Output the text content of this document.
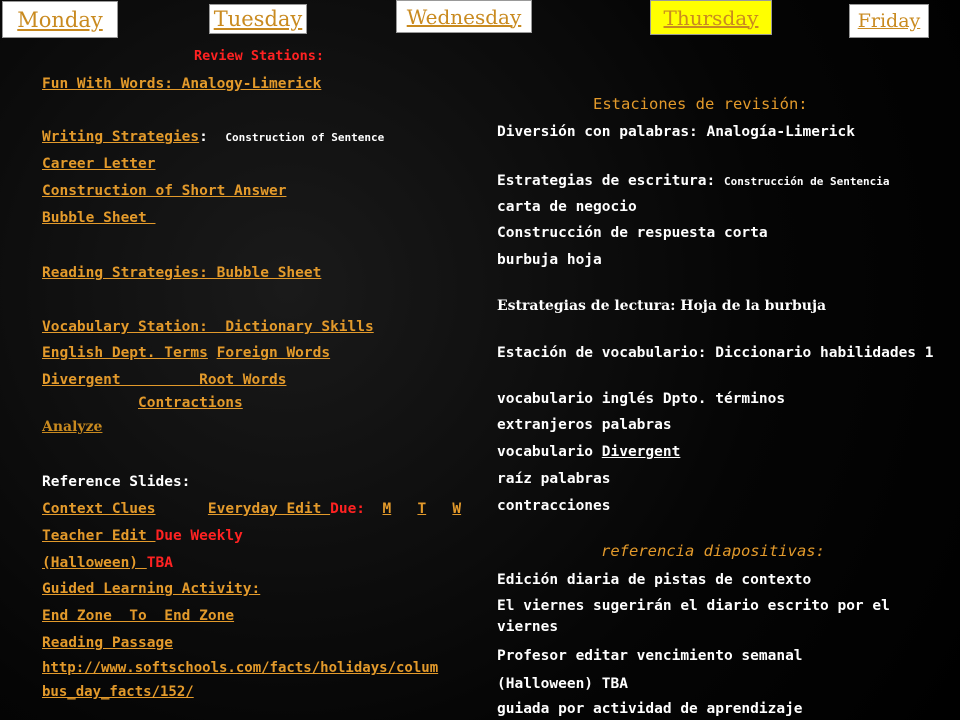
Monday	Tuesday	Wednesday	Thursday	Friday
Review Stations:
Fun With Words: Analogy-Limerick
Writing Strategies: Construction of Sentence
Career Letter
Construction of Short Answer
Bubble Sheet
Reading Strategies: Bubble Sheet
Vocabulary Station:  Dictionary Skills
English Dept. Terms Foreign Words
Divergent         Root Words
Contractions
Analyze
Reference Slides:
Context Clues	Everyday Edit Due: M T W
Teacher Edit Due Weekly
(Halloween) TBA
Guided Learning Activity:
End Zone  To  End Zone
Reading Passage
http://www.softschools.com/facts/holidays/colum
bus_day_facts/152/
Estaciones de revisión:
Diversión con palabras: Analogía-Limerick
Estrategias de escritura: Construcción de Sentencia
carta de negocio
Construcción de respuesta corta
burbuja hoja
Estrategias de lectura: Hoja de la burbuja
Estación de vocabulario: Diccionario habilidades 1
vocabulario inglés Dpto. términos
extranjeros palabras
vocabulario Divergent
raíz palabras
contracciones
referencia diapositivas:
Edición diaria de pistas de contexto
El viernes sugerirán el diario escrito por el
viernes
Profesor editar vencimiento semanal
(Halloween) TBA
guiada por actividad de aprendizaje
